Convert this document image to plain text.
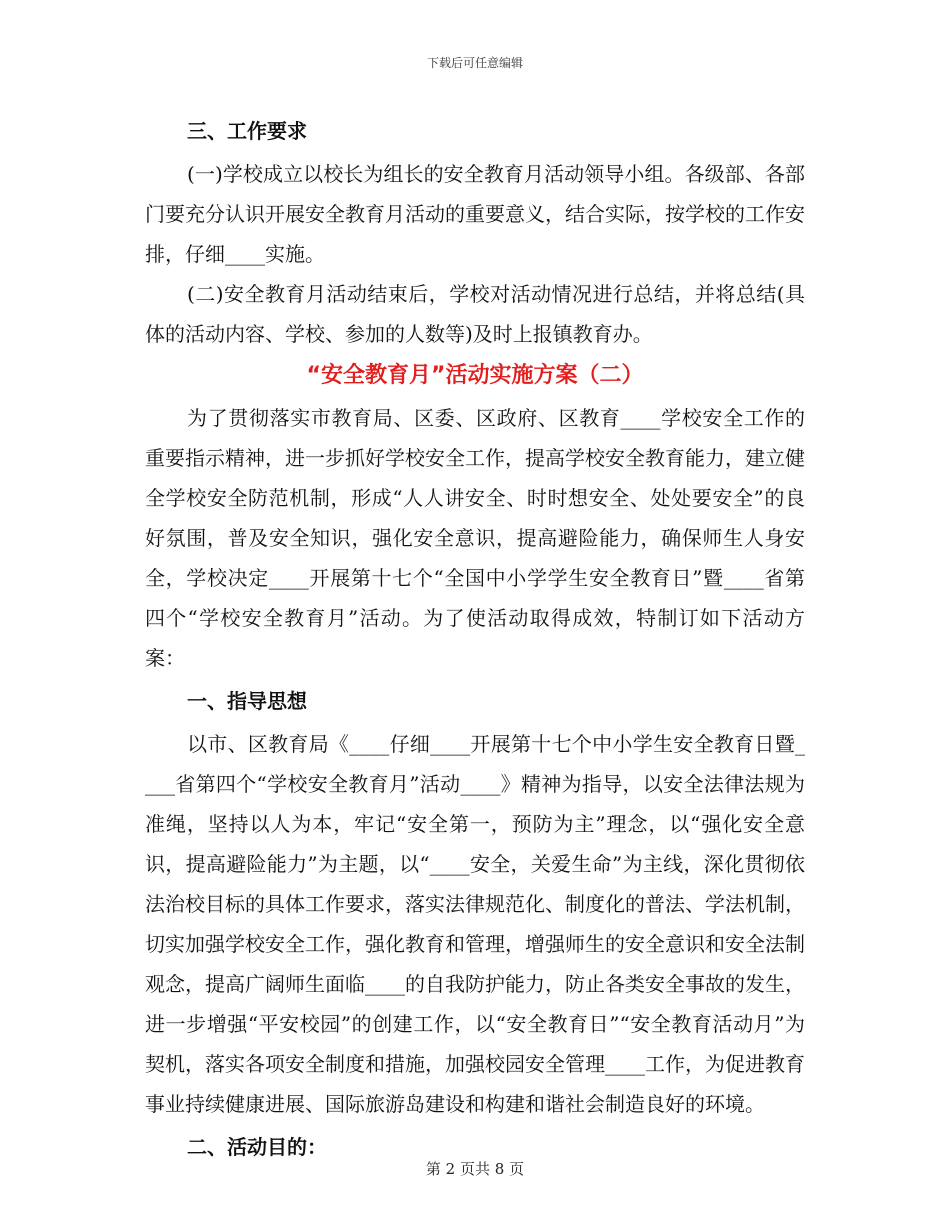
下载后可任意编辑
三、工作要求

(一)学校成立以校长为组长的安全教育月活动领导小组。各级部、各部门要充分认识开展安全教育月活动的重要意义，结合实际，按学校的工作安排，仔细____实施。

(二)安全教育月活动结束后，学校对活动情况进行总结，并将总结(具体的活动内容、学校、参加的人数等)及时上报镇教育办。

“安全教育月”活动实施方案（二）

为了贯彻落实市教育局、区委、区政府、区教育____学校安全工作的重要指示精神，进一步抓好学校安全工作，提高学校安全教育能力，建立健全学校安全防范机制，形成“人人讲安全、时时想安全、处处要安全”的良好氛围，普及安全知识，强化安全意识，提高避险能力，确保师生人身安全，学校决定____开展第十七个“全国中小学学生安全教育日”暨____省第四个“学校安全教育月”活动。为了使活动取得成效，特制订如下活动方案：

一、指导思想

以市、区教育局《____仔细____开展第十七个中小学生安全教育日暨____省第四个“学校安全教育月”活动____》精神为指导，以安全法律法规为准绳，坚持以人为本，牢记“安全第一，预防为主”理念，以“强化安全意识，提高避险能力”为主题，以“____安全，关爱生命”为主线，深化贯彻依法治校目标的具体工作要求，落实法律规范化、制度化的普法、学法机制，切实加强学校安全工作，强化教育和管理，增强师生的安全意识和安全法制观念，提高广阔师生面临____的自我防护能力，防止各类安全事故的发生，进一步增强“平安校园”的创建工作，以“安全教育日”“安全教育活动月”为契机，落实各项安全制度和措施，加强校园安全管理____工作，为促进教育事业持续健康进展、国际旅游岛建设和构建和谐社会制造良好的环境。

二、活动目的：
第 2 页共 8 页
